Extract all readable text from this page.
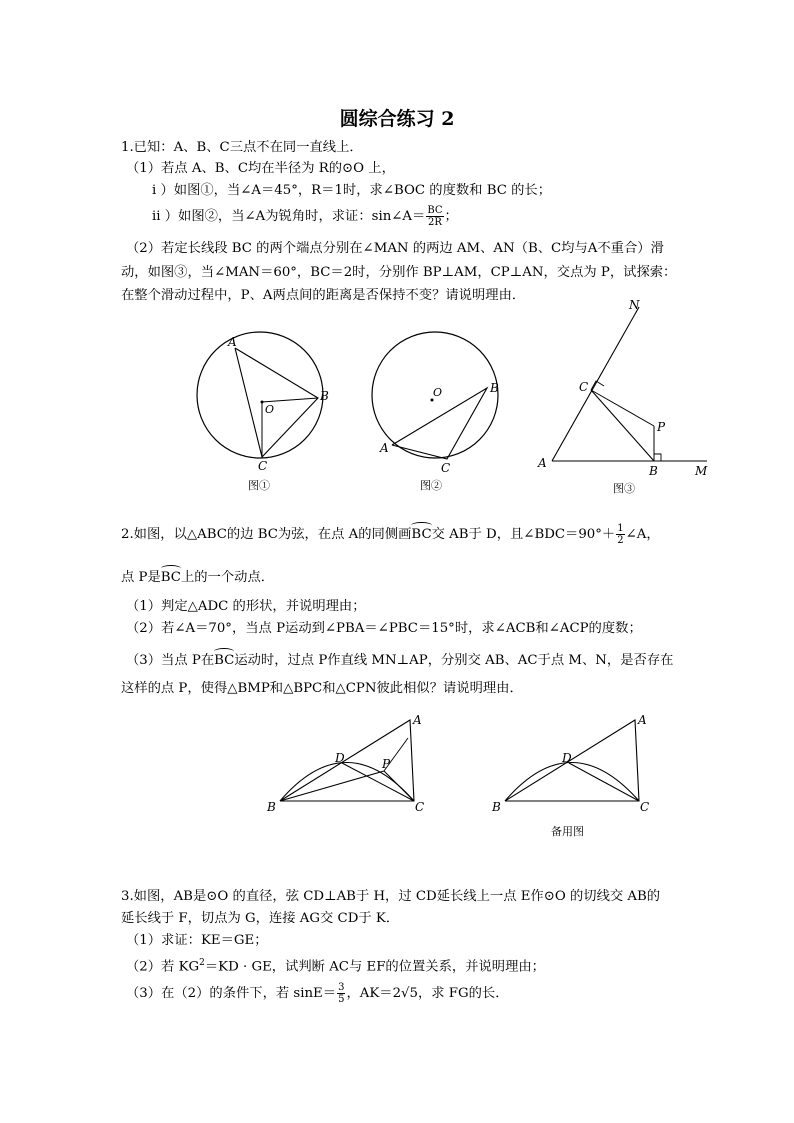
圆综合练习 2
1.已知：A、B、C三点不在同一直线上．
（1）若点 A、B、C均在半径为 R的⊙O 上，
i ）如图①，当∠A＝45°，R＝1时，求∠BOC 的度数和 BC 的长；
ii ）如图②，当∠A为锐角时，求证：sin∠A＝ $\frac{BC}{2R}$ ；
（2）若定长线段 BC 的两个端点分别在∠MAN 的两边 AM、AN（B、C均与A不重合）滑
动，如图③，当∠MAN＝60°，BC＝2时，分别作 BP⊥AM，CP⊥AN，交点为 P，试探索：
在整个滑动过程中，P、A两点间的距离是否保持不变？请说明理由．
A
B
C
O
图①
O
A
B
C
图②
N
C
P
A
B	M
图③
2.如图，以△ABC的边 BC为弦，在点 A的同侧画BC交 AB于 D，且∠BDC＝90°＋ $\frac{1}{2}$ ∠A，
点 P是BC上的一个动点．
（1）判定△ADC 的形状，并说明理由；
（2）若∠A＝70°，当点 P运动到∠PBA＝∠PBC＝15°时，求∠ACB和∠ACP的度数；
（3）当点 P在BC运动时，过点 P作直线 MN⊥AP，分别交 AB、AC于点 M、N，是否存在
这样的点 P，使得△BMP和△BPC和△CPN彼此相似？请说明理由．
A
D	P
B	C
A
D
B	C
备用图
3.如图，AB是⊙O 的直径，弦 CD⊥AB于 H，过 CD延长线上一点 E作⊙O 的切线交 AB的
延长线于 F，切点为 G，连接 AG交 CD于 K．
（1）求证：KE＝GE；
（2）若 $KG^2=KD$ · GE，试判断 AC与 EF的位置关系，并说明理由；
（3）在（2）的条件下，若 $\sin E= \frac{3}{5}$ ，AK＝2√5，求 FG的长．
